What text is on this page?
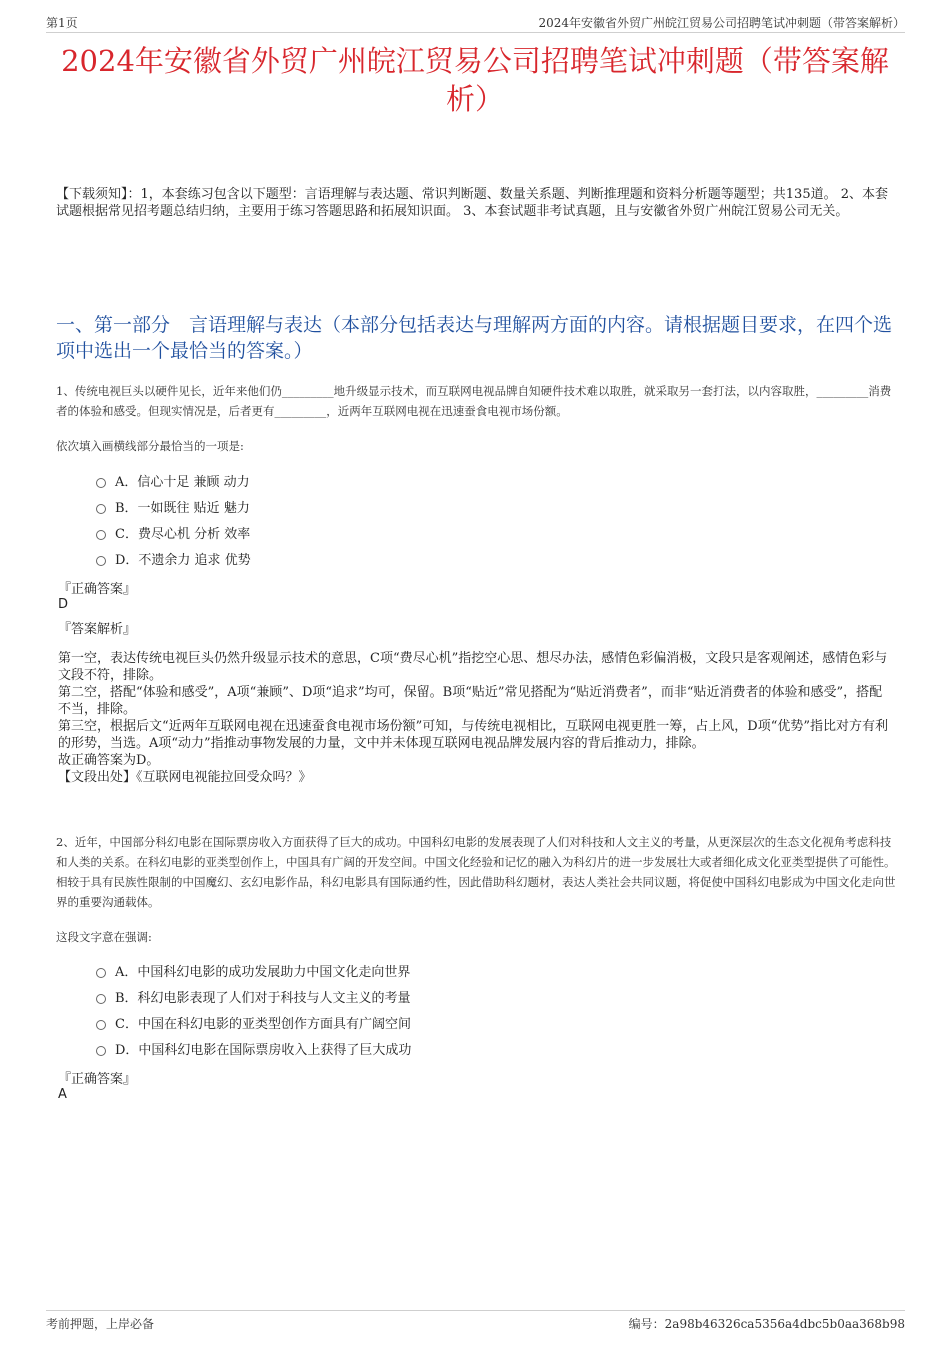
第1页	2024年安徽省外贸广州皖江贸易公司招聘笔试冲刺题（带答案解析）
2024年安徽省外贸广州皖江贸易公司招聘笔试冲刺题（带答案解析）
【下载须知】：1，本套练习包含以下题型：言语理解与表达题、常识判断题、数量关系题、判断推理题和资料分析题等题型；共135道。 2、本套试题根据常见招考题总结归纳，主要用于练习答题思路和拓展知识面。 3、本套试题非考试真题，且与安徽省外贸广州皖江贸易公司无关。
一、第一部分　言语理解与表达（本部分包括表达与理解两方面的内容。请根据题目要求，在四个选项中选出一个最恰当的答案。）
1、传统电视巨头以硬件见长，近年来他们仍_________地升级显示技术，而互联网电视品牌自知硬件技术难以取胜，就采取另一套打法，以内容取胜，_________消费者的体验和感受。但现实情况是，后者更有_________，近两年互联网电视在迅速蚕食电视市场份额。
依次填入画横线部分最恰当的一项是:
A．信心十足 兼顾 动力
B．一如既往 贴近 魅力
C．费尽心机 分析 效率
D．不遗余力 追求 优势
『正确答案』
D
『答案解析』

第一空，表达传统电视巨头仍然升级显示技术的意思，C项“费尽心机”指挖空心思、想尽办法，感情色彩偏消极，文段只是客观阐述，感情色彩与文段不符，排除。

第二空，搭配“体验和感受”，A项“兼顾”、D项“追求”均可，保留。B项“贴近”常见搭配为“贴近消费者”，而非“贴近消费者的体验和感受”，搭配不当，排除。

第三空，根据后文“近两年互联网电视在迅速蚕食电视市场份额”可知，与传统电视相比，互联网电视更胜一筹，占上风，D项“优势”指比对方有利的形势，当选。A项“动力”指推动事物发展的力量，文中并未体现互联网电视品牌发展内容的背后推动力，排除。

故正确答案为D。

【文段出处】《互联网电视能拉回受众吗？》

2、近年，中国部分科幻电影在国际票房收入方面获得了巨大的成功。中国科幻电影的发展表现了人们对科技和人文主义的考量，从更深层次的生态文化视角考虑科技和人类的关系。在科幻电影的亚类型创作上，中国具有广阔的开发空间。中国文化经验和记忆的融入为科幻片的进一步发展壮大或者细化成文化亚类型提供了可能性。相较于具有民族性限制的中国魔幻、玄幻电影作品，科幻电影具有国际通约性，因此借助科幻题材，表达人类社会共同议题，将促使中国科幻电影成为中国文化走向世界的重要沟通载体。
这段文字意在强调:
A．中国科幻电影的成功发展助力中国文化走向世界
B．科幻电影表现了人们对于科技与人文主义的考量
C．中国在科幻电影的亚类型创作方面具有广阔空间
D．中国科幻电影在国际票房收入上获得了巨大成功
『正确答案』
A
考前押题，上岸必备	编号：2a98b46326ca5356a4dbc5b0aa368b98
